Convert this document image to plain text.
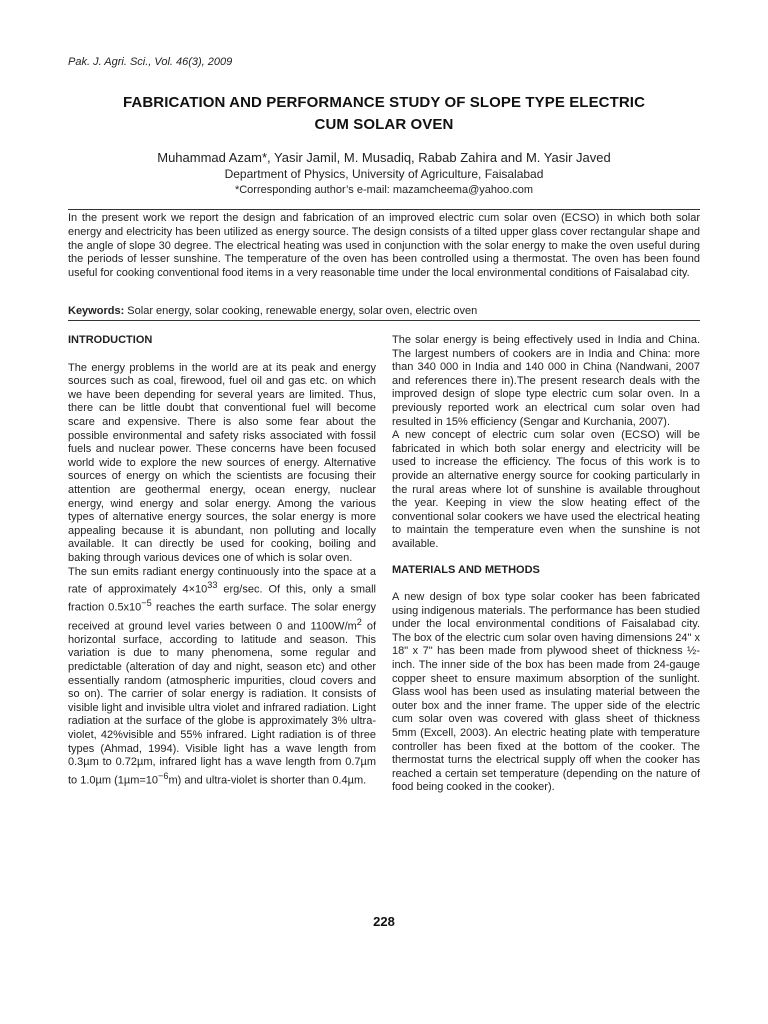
Pak. J. Agri. Sci., Vol. 46(3), 2009
FABRICATION AND PERFORMANCE STUDY OF SLOPE TYPE ELECTRIC
CUM SOLAR OVEN
Muhammad Azam*, Yasir Jamil, M. Musadiq, Rabab Zahira and M. Yasir Javed
Department of Physics, University of Agriculture, Faisalabad
*Corresponding author’s e-mail: mazamcheema@yahoo.com
In the present work we report the design and fabrication of an improved electric cum solar oven (ECSO) in which both solar energy and electricity has been utilized as energy source. The design consists of a tilted upper glass cover rectangular shape and the angle of slope 30 degree. The electrical heating was used in conjunction with the solar energy to make the oven useful during the periods of lesser sunshine. The temperature of the oven has been controlled using a thermostat. The oven has been found useful for cooking conventional food items in a very reasonable time under the local environmental conditions of Faisalabad city.
Keywords: Solar energy, solar cooking, renewable energy, solar oven, electric oven

INTRODUCTION

The energy problems in the world are at its peak and energy sources such as coal, firewood, fuel oil and gas etc. on which we have been depending for several years are limited. Thus, there can be little doubt that conventional fuel will become scare and expensive. There is also some fear about the possible environmental and safety risks associated with fossil fuels and nuclear power. These concerns have been focused world wide to explore the new sources of energy. Alternative sources of energy on which the scientists are focusing their attention are geothermal energy, ocean energy, nuclear energy, wind energy and solar energy. Among the various types of alternative energy sources, the solar energy is more appealing because it is abundant, non polluting and locally available. It can directly be used for cooking, boiling and baking through various devices one of which is solar oven.

The sun emits radiant energy continuously into the space at a rate of approximately $4\times 10^{33}$ erg/sec. Of this, only a small fraction $0.5x10^{-5}$ reaches the earth surface. The solar energy received at ground level varies between 0 and $1100W/m^2$ of horizontal surface, according to latitude and season. This variation is due to many phenomena, some regular and predictable (alteration of day and night, season etc) and other essentially random (atmospheric impurities, cloud covers and so on). The carrier of solar energy is radiation. It consists of visible light and invisible ultra violet and infrared radiation. Light radiation at the surface of the globe is approximately 3% ultra-violet, 42%visible and 55% infrared. Light radiation is of three types (Ahmad, 1994). Visible light has a wave length from 0.3µm to 0.72µm, infrared light has a wave length from 0.7µm to 1.0µm $(1\mu m=10^{-6}m)$ and ultra-violet is shorter than 0.4µm.

The solar energy is being effectively used in India and China. The largest numbers of cookers are in India and China: more than 340 000 in India and 140 000 in China (Nandwani, 2007 and references there in).The present research deals with the improved design of slope type electric cum solar oven. In a previously reported work an electrical cum solar oven had resulted in 15% efficiency (Sengar and Kurchania, 2007).

A new concept of electric cum solar oven (ECSO) will be fabricated in which both solar energy and electricity will be used to increase the efficiency. The focus of this work is to provide an alternative energy source for cooking particularly in the rural areas where lot of sunshine is available throughout the year. Keeping in view the slow heating effect of the conventional solar cookers we have used the electrical heating to maintain the temperature even when the sunshine is not available.

MATERIALS AND METHODS

A new design of box type solar cooker has been fabricated using indigenous materials. The performance has been studied under the local environmental conditions of Faisalabad city. The box of the electric cum solar oven having dimensions 24" x 18" x 7" has been made from plywood sheet of thickness ½-inch. The inner side of the box has been made from 24-gauge copper sheet to ensure maximum absorption of the sunlight. Glass wool has been used as insulating material between the outer box and the inner frame. The upper side of the electric cum solar oven was covered with glass sheet of thickness 5mm (Excell, 2003). An electric heating plate with temperature controller has been fixed at the bottom of the cooker. The thermostat turns the electrical supply off when the cooker has reached a certain set temperature (depending on the nature of food being cooked in the cooker).

228
